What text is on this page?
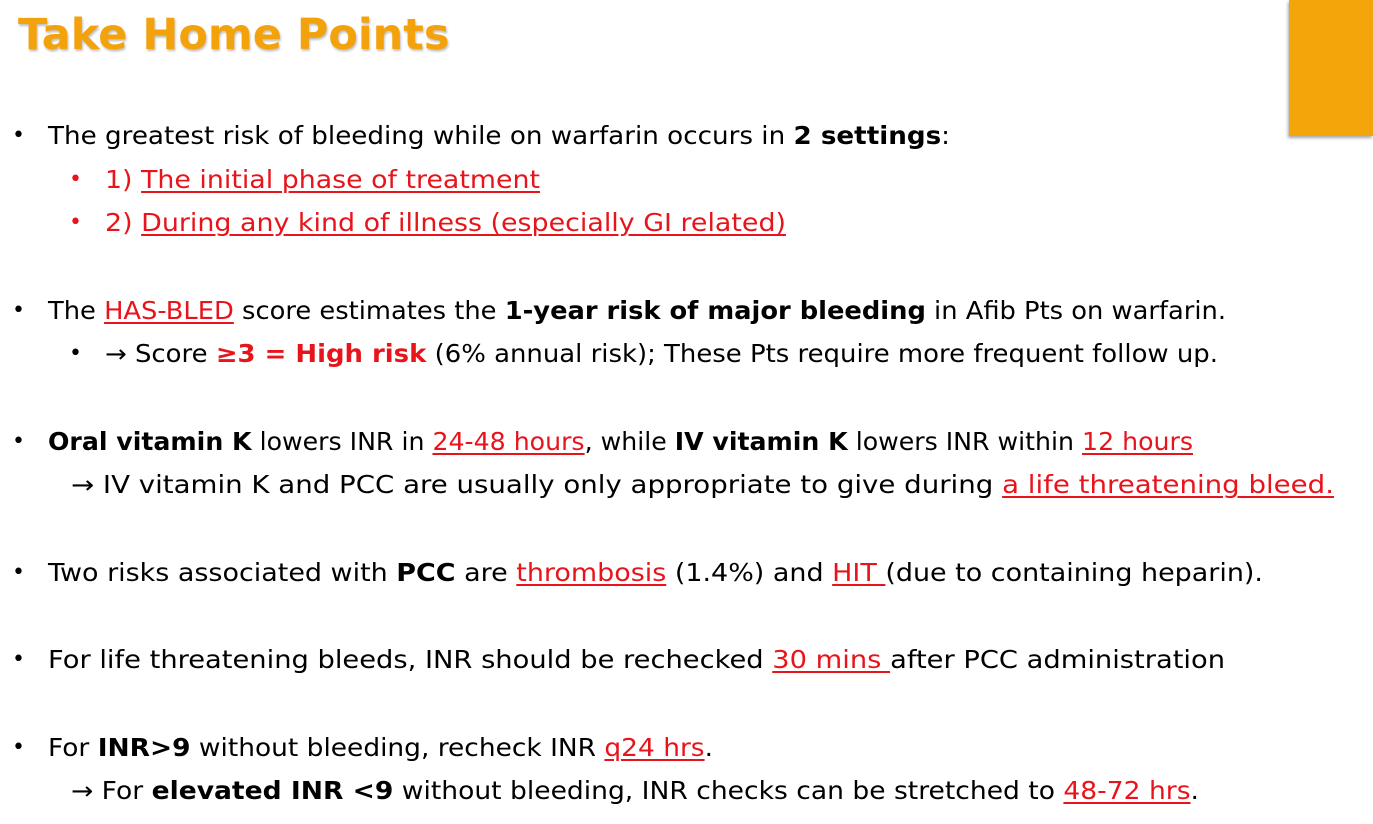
Take Home Points
• The greatest risk of bleeding while on warfarin occurs in 2 settings:
• 1) The initial phase of treatment
• 2) During any kind of illness (especially GI related)
• The HAS-BLED score estimates the 1-year risk of major bleeding in Afib Pts on warfarin.
• → Score ≥3 = High risk (6% annual risk); These Pts require more frequent follow up.
• Oral vitamin K lowers INR in 24-48 hours, while IV vitamin K lowers INR within 12 hours
→ IV vitamin K and PCC are usually only appropriate to give during a life threatening bleed.
• Two risks associated with PCC are thrombosis (1.4%) and HIT (due to containing heparin).
• For life threatening bleeds, INR should be rechecked 30 mins after PCC administration
• For INR>9 without bleeding, recheck INR q24 hrs.
→ For elevated INR <9 without bleeding, INR checks can be stretched to 48-72 hrs.
